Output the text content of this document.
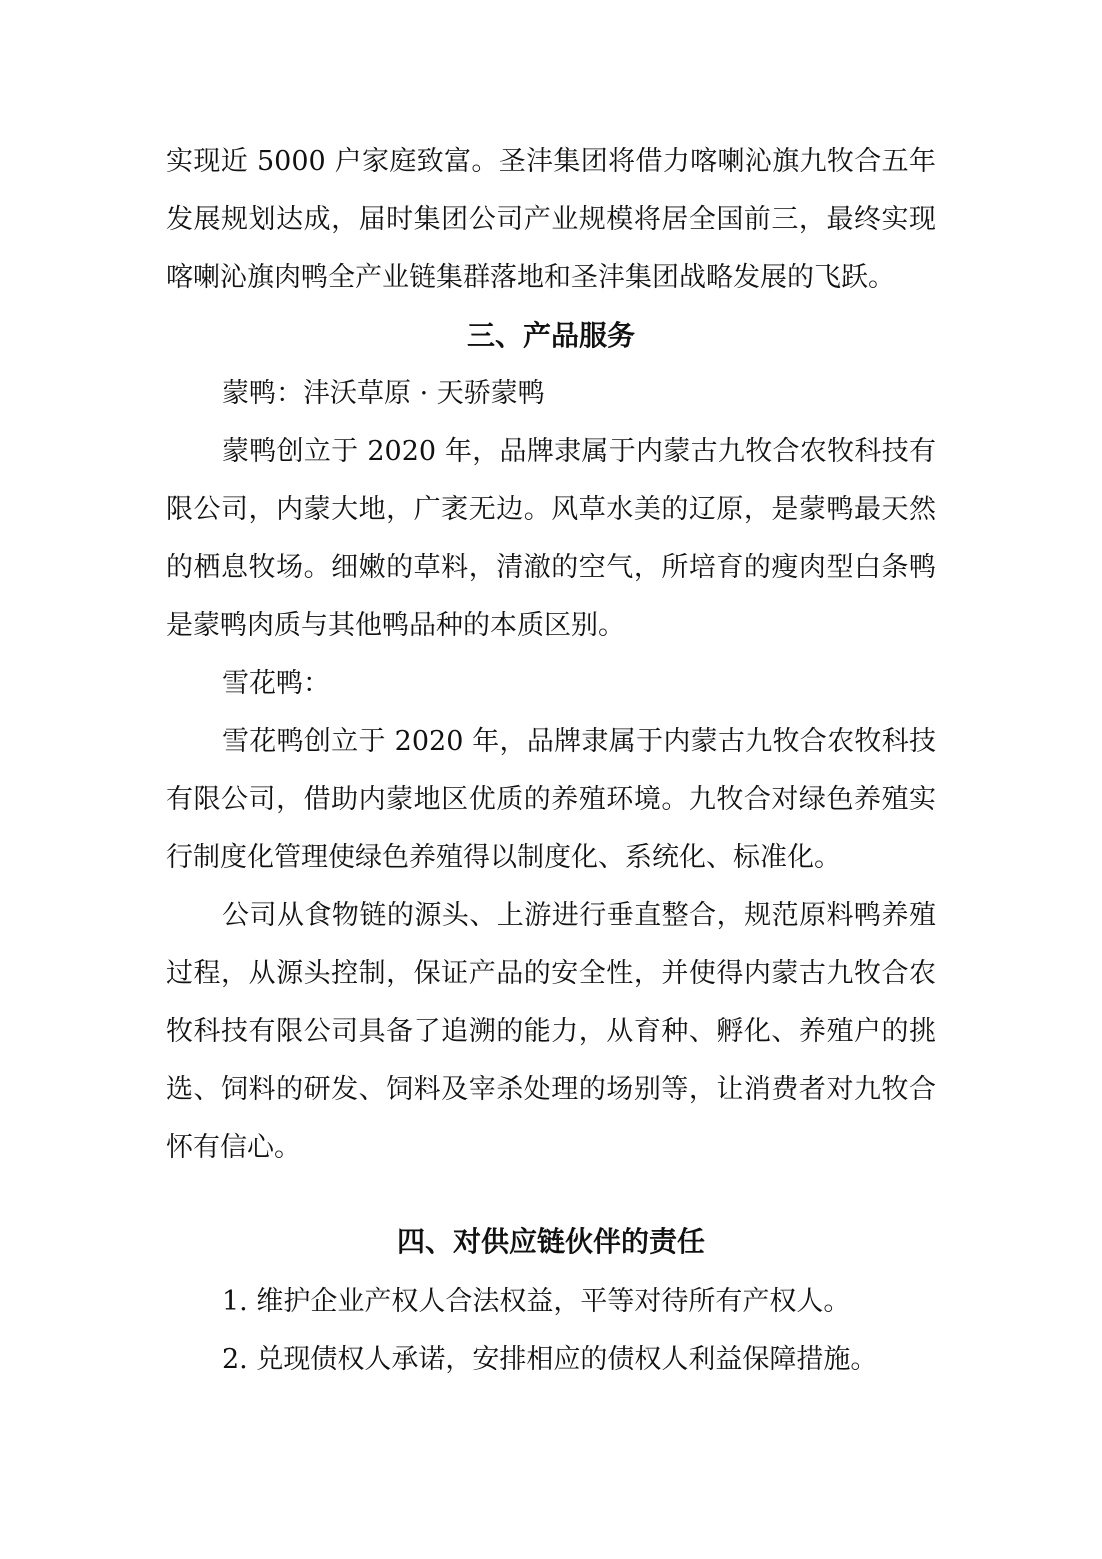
实现近 5000 户家庭致富。圣沣集团将借力喀喇沁旗九牧合五年
发展规划达成，届时集团公司产业规模将居全国前三，最终实现
喀喇沁旗肉鸭全产业链集群落地和圣沣集团战略发展的飞跃。
三、产品服务
蒙鸭：沣沃草原 · 天骄蒙鸭
蒙鸭创立于 2020 年，品牌隶属于内蒙古九牧合农牧科技有
限公司，内蒙大地，广袤无边。风草水美的辽原，是蒙鸭最天然
的栖息牧场。细嫩的草料，清澈的空气，所培育的瘦肉型白条鸭
是蒙鸭肉质与其他鸭品种的本质区别。
雪花鸭：
雪花鸭创立于 2020 年，品牌隶属于内蒙古九牧合农牧科技
有限公司，借助内蒙地区优质的养殖环境。九牧合对绿色养殖实
行制度化管理使绿色养殖得以制度化、系统化、标准化。
公司从食物链的源头、上游进行垂直整合，规范原料鸭养殖
过程，从源头控制，保证产品的安全性，并使得内蒙古九牧合农
牧科技有限公司具备了追溯的能力，从育种、孵化、养殖户的挑
选、饲料的研发、饲料及宰杀处理的场别等，让消费者对九牧合
怀有信心。
四、对供应链伙伴的责任
1. 维护企业产权人合法权益，平等对待所有产权人。
2. 兑现债权人承诺，安排相应的债权人利益保障措施。
